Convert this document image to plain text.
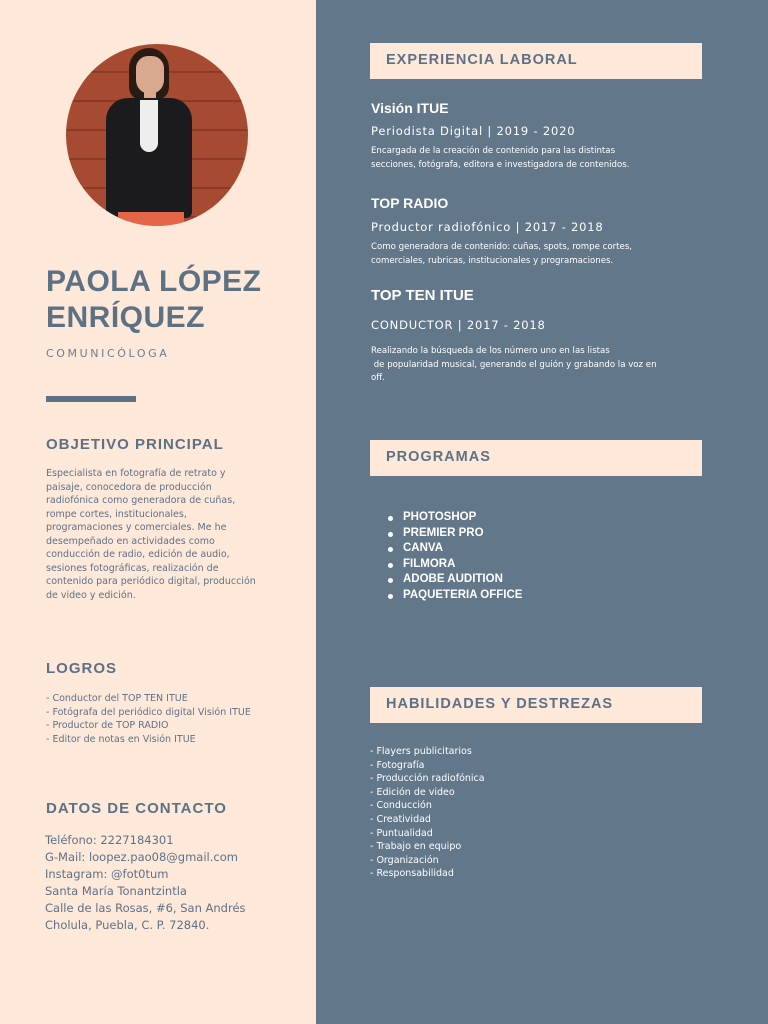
PAOLA LÓPEZ
ENRÍQUEZ
COMUNICÓLOGA
OBJETIVO PRINCIPAL
Especialista en fotografía de retrato y
paisaje, conocedora de producción
radiofónica como generadora de cuñas,
rompe cortes, institucionales,
programaciones y comerciales. Me he
desempeñado en actividades como
conducción de radio, edición de audio,
sesiones fotográficas, realización de
contenido para periódico digital, producción
de video y edición.
LOGROS
- Conductor del TOP TEN ITUE
- Fotógrafa del periódico digital Visión ITUE
- Productor de TOP RADIO
- Editor de notas en Visión ITUE
DATOS DE CONTACTO
Teléfono: 2227184301
G-Mail: loopez.pao08@gmail.com
Instagram: @fot0tum
Santa María Tonantzintla
Calle de las Rosas, #6, San Andrés
Cholula, Puebla, C. P. 72840.
EXPERIENCIA LABORAL
Visión ITUE
Periodista Digital | 2019 - 2020
Encargada de la creación de contenido para las distintas
secciones, fotógrafa, editora e investigadora de contenidos.
TOP RADIO
Productor radiofónico | 2017 - 2018
Como generadora de contenido: cuñas, spots, rompe cortes,
comerciales, rubricas, institucionales y programaciones.
TOP TEN ITUE
CONDUCTOR | 2017 - 2018
Realizando la búsqueda de los número uno en las listas
de popularidad musical, generando el guión y grabando la voz en
off.
PROGRAMAS
PHOTOSHOP
PREMIER PRO
CANVA
FILMORA
ADOBE AUDITION
PAQUETERIA OFFICE
HABILIDADES Y DESTREZAS
- Flayers publicitarios
- Fotografía
- Producción radiofónica
- Edición de video
- Conducción
- Creatividad
- Puntualidad
- Trabajo en equipo
- Organización
- Responsabilidad
